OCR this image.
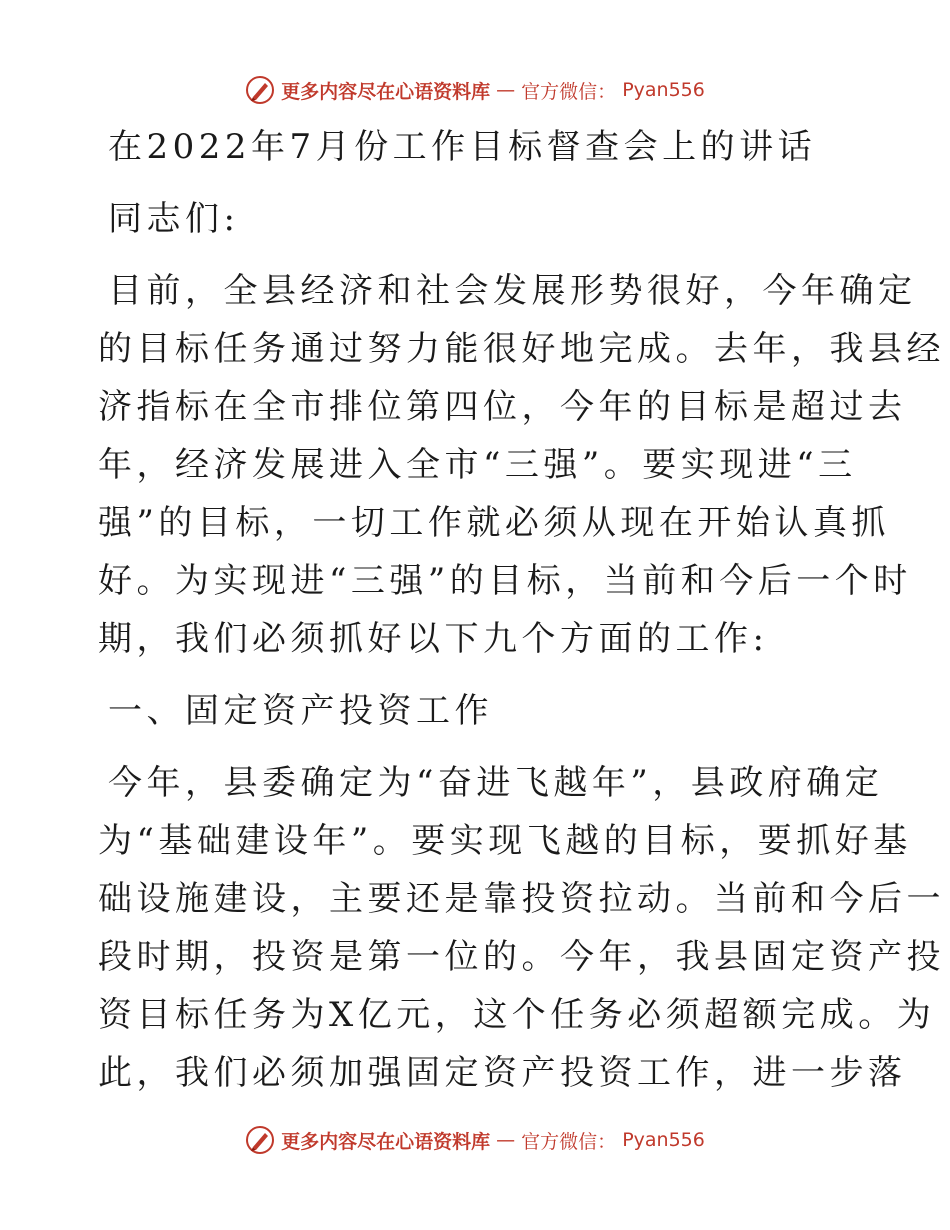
更多内容尽在心语资料库 — 官方微信： Pyan556

在2022年7月份工作目标督查会上的讲话

同志们:

目前，全县经济和社会发展形势很好，今年确定

的目标任务通过努力能很好地完成。去年，我县经

济指标在全市排位第四位，今年的目标是超过去

年，经济发展进入全市“三强”。要实现进“三

强”的目标，一切工作就必须从现在开始认真抓

好。为实现进“三强”的目标，当前和今后一个时

期，我们必须抓好以下九个方面的工作:

一、固定资产投资工作

今年，县委确定为“奋进飞越年”，县政府确定

为“基础建设年”。要实现飞越的目标，要抓好基

础设施建设，主要还是靠投资拉动。当前和今后一

段时期，投资是第一位的。今年，我县固定资产投

资目标任务为X亿元，这个任务必须超额完成。为

此，我们必须加强固定资产投资工作，进一步落

更多内容尽在心语资料库 — 官方微信： Pyan556
